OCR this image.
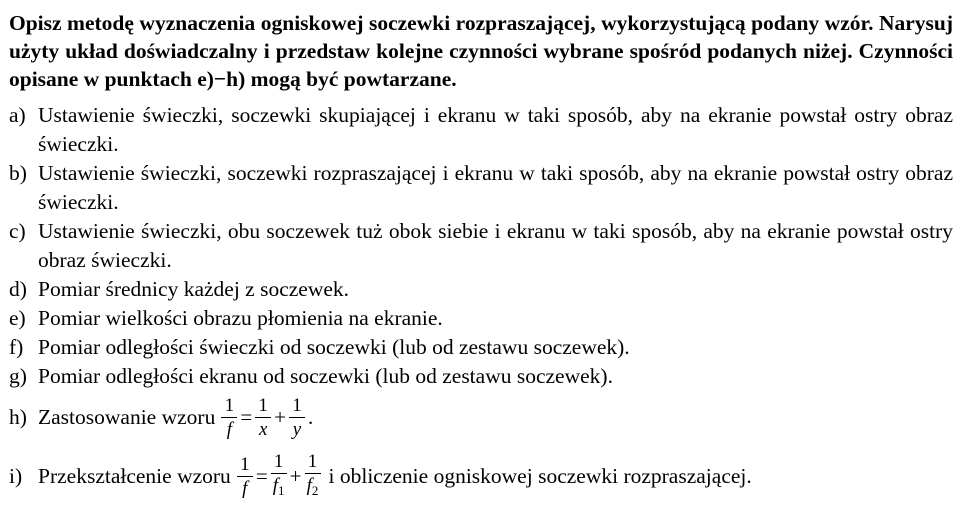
Opisz metodę wyznaczenia ogniskowej soczewki rozpraszającej, wykorzystującą podany wzór. Narysuj użyty układ doświadczalny i przedstaw kolejne czynności wybrane spośród podanych niżej. Czynności opisane w punktach e)−h) mogą być powtarzane.

a) Ustawienie świeczki, soczewki skupiającej i ekranu w taki sposób, aby na ekranie powstał ostry obraz świeczki.
b) Ustawienie świeczki, soczewki rozpraszającej i ekranu w taki sposób, aby na ekranie powstał ostry obraz świeczki.
c) Ustawienie świeczki, obu soczewek tuż obok siebie i ekranu w taki sposób, aby na ekranie powstał ostry obraz świeczki.
d) Pomiar średnicy każdej z soczewek.
e) Pomiar wielkości obrazu płomienia na ekranie.
f) Pomiar odległości świeczki od soczewki (lub od zestawu soczewek).
g) Pomiar odległości ekranu od soczewki (lub od zestawu soczewek).
h) Zastosowanie wzoru $\frac{1}{f} = \frac{1}{x} + \frac{1}{y}$ .
i) Przekształcenie wzoru $\frac{1}{f} = \frac{1}{f_1} + \frac{1}{f_2}$ i obliczenie ogniskowej soczewki rozpraszającej.
